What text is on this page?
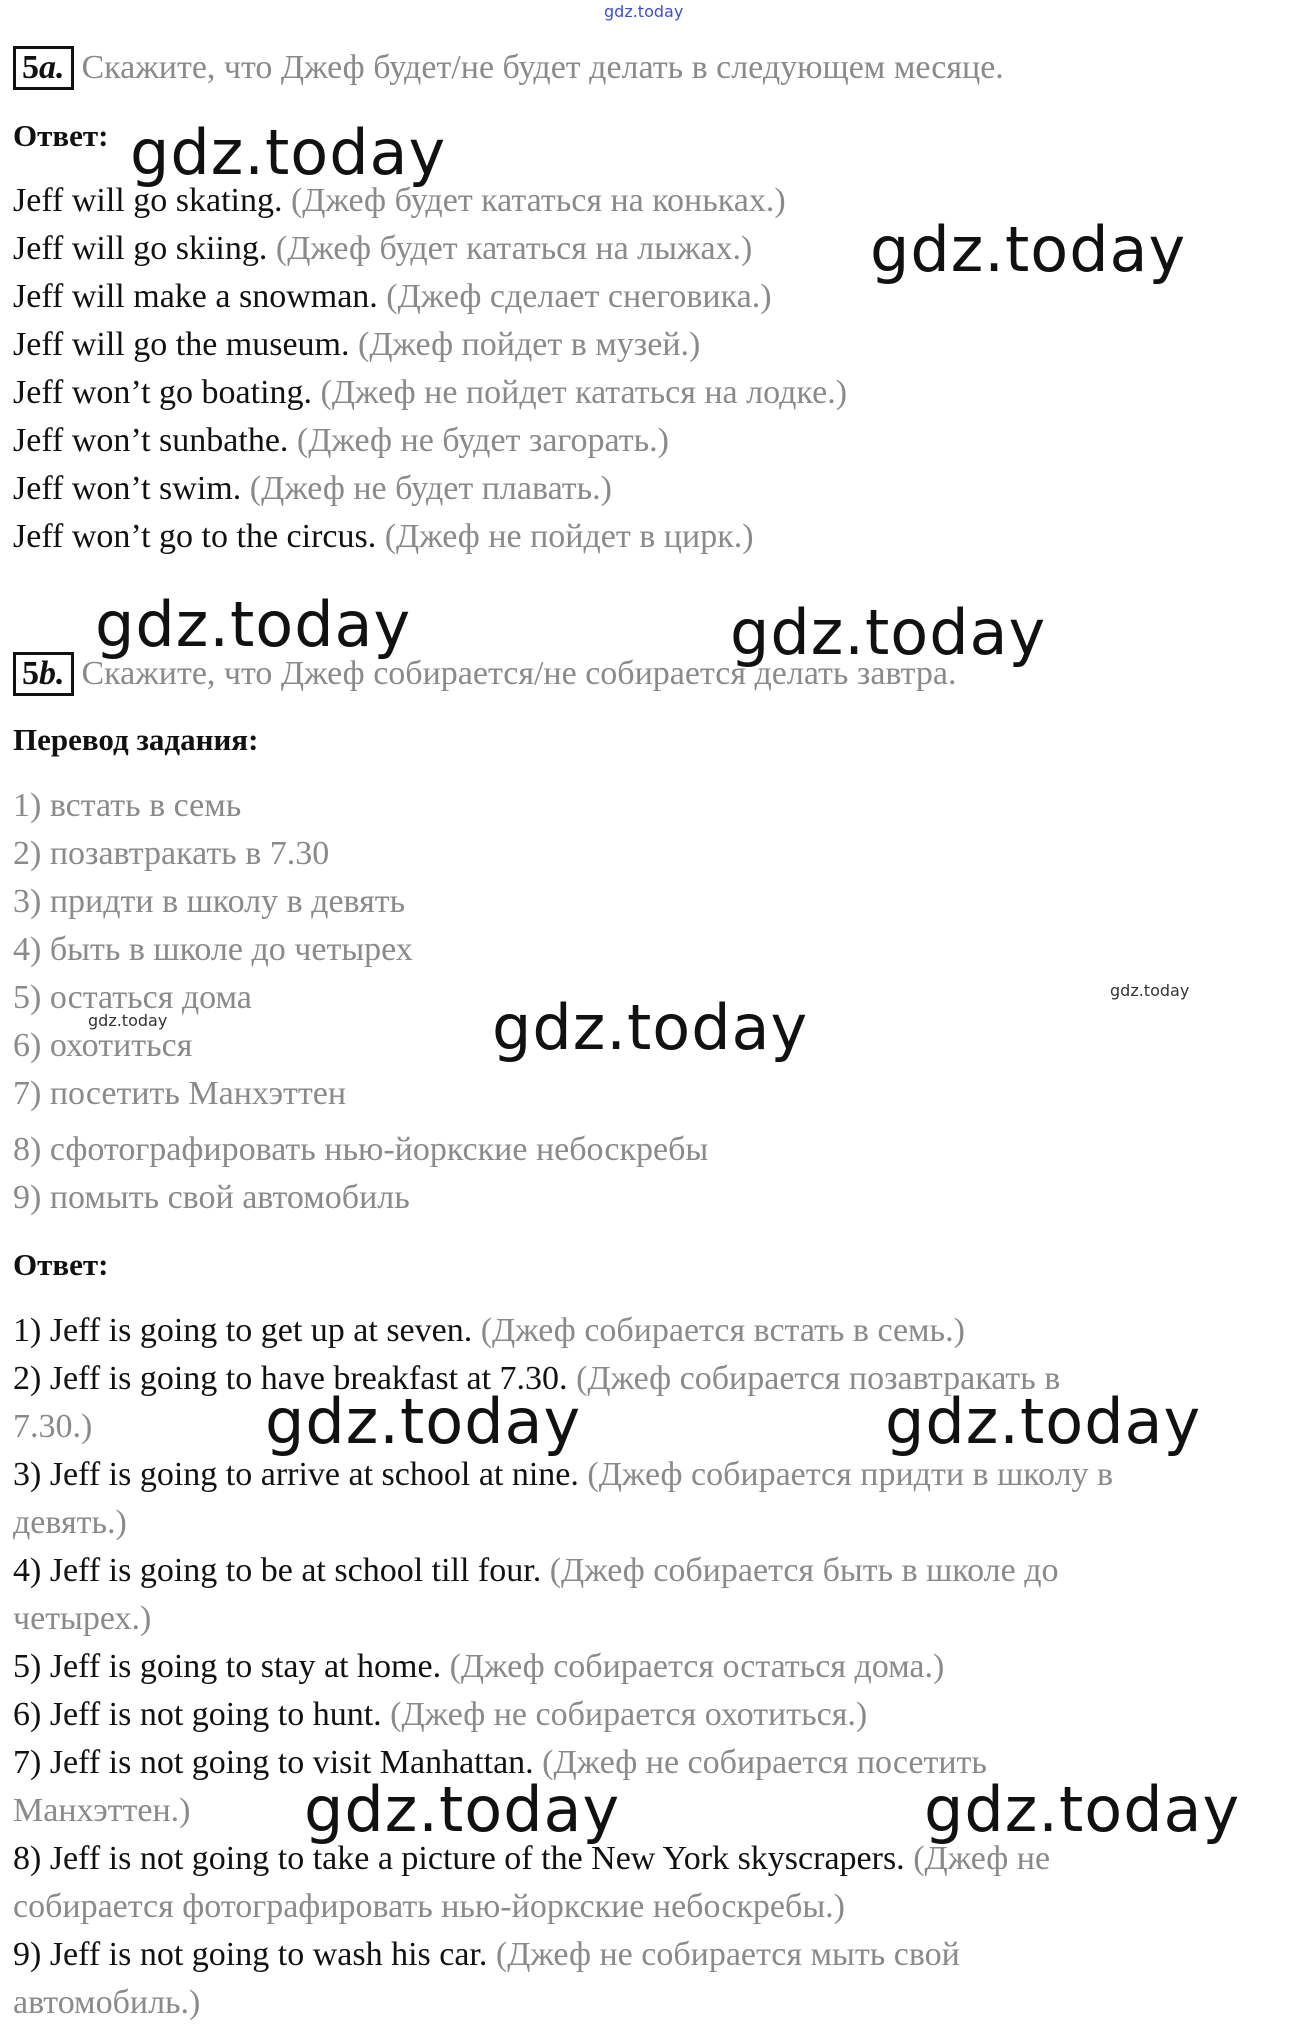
gdz.today
5a. Скажите, что Джеф будет/не будет делать в следующем месяце.
Ответ:
Jeff will go skating. (Джеф будет кататься на коньках.)
Jeff will go skiing. (Джеф будет кататься на лыжах.)
Jeff will make a snowman. (Джеф сделает снеговика.)
Jeff will go the museum. (Джеф пойдет в музей.)
Jeff won’t go boating. (Джеф не пойдет кататься на лодке.)
Jeff won’t sunbathe. (Джеф не будет загорать.)
Jeff won’t swim. (Джеф не будет плавать.)
Jeff won’t go to the circus. (Джеф не пойдет в цирк.)
5b. Скажите, что Джеф собирается/не собирается делать завтра.
Перевод задания:
1) встать в семь
2) позавтракать в 7.30
3) придти в школу в девять
4) быть в школе до четырех
5) остаться дома
6) охотиться
7) посетить Манхэттен
8) сфотографировать нью-йоркские небоскребы
9) помыть свой автомобиль
Ответ:
1) Jeff is going to get up at seven. (Джеф собирается встать в семь.)
2) Jeff is going to have breakfast at 7.30. (Джеф собирается позавтракать в
7.30.)
3) Jeff is going to arrive at school at nine. (Джеф собирается придти в школу в
девять.)
4) Jeff is going to be at school till four. (Джеф собирается быть в школе до
четырех.)
5) Jeff is going to stay at home. (Джеф собирается остаться дома.)
6) Jeff is not going to hunt. (Джеф не собирается охотиться.)
7) Jeff is not going to visit Manhattan. (Джеф не собирается посетить
Манхэттен.)
8) Jeff is not going to take a picture of the New York skyscrapers. (Джеф не
собирается фотографировать нью-йоркские небоскребы.)
9) Jeff is not going to wash his car. (Джеф не собирается мыть свой
автомобиль.)
gdz.today
gdz.today
gdz.today	gdz.today
gdz.today
gdz.today
gdz.today
gdz.today	gdz.today
gdz.today	gdz.today
